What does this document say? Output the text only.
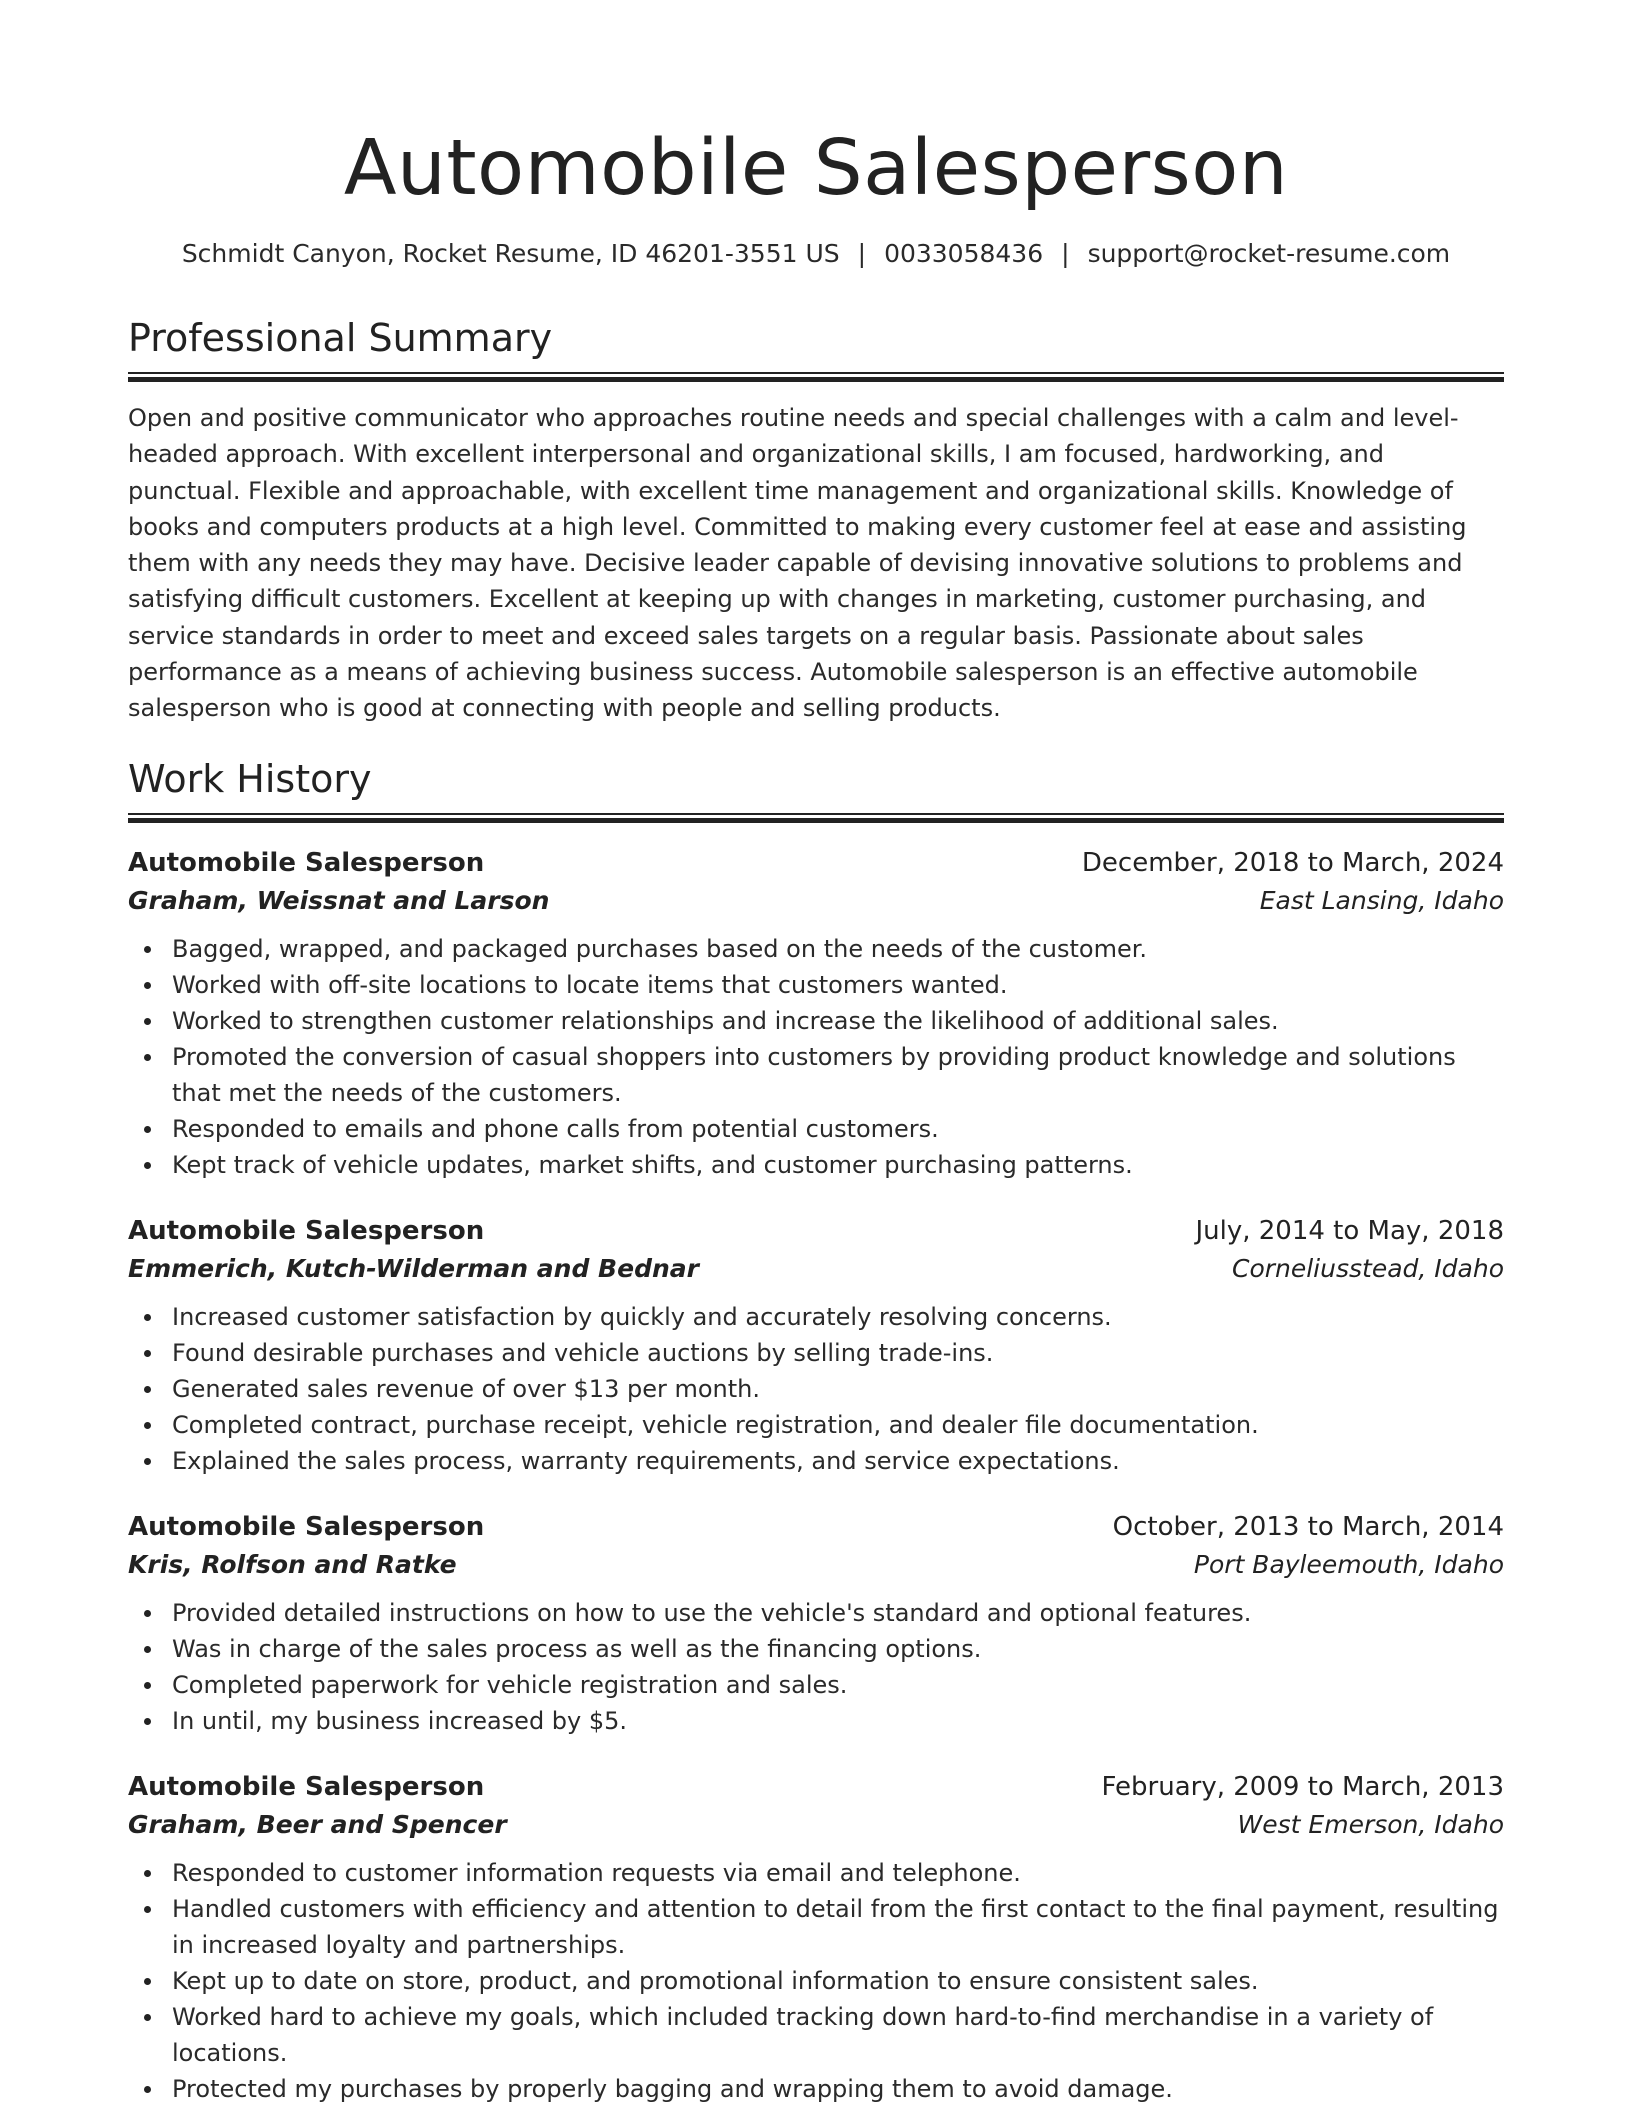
Automobile Salesperson
Schmidt Canyon, Rocket Resume, ID 46201-3551 US | 0033058436 | support@rocket-resume.com
Professional Summary
Open and positive communicator who approaches routine needs and special challenges with a calm and level-headed approach. With excellent interpersonal and organizational skills, I am focused, hardworking, and punctual. Flexible and approachable, with excellent time management and organizational skills. Knowledge of books and computers products at a high level. Committed to making every customer feel at ease and assisting them with any needs they may have. Decisive leader capable of devising innovative solutions to problems and satisfying difficult customers. Excellent at keeping up with changes in marketing, customer purchasing, and service standards in order to meet and exceed sales targets on a regular basis. Passionate about sales performance as a means of achieving business success. Automobile salesperson is an effective automobile salesperson who is good at connecting with people and selling products.
Work History
Automobile Salesperson	December, 2018 to March, 2024
Graham, Weissnat and Larson	East Lansing, Idaho
Bagged, wrapped, and packaged purchases based on the needs of the customer.
Worked with off-site locations to locate items that customers wanted.
Worked to strengthen customer relationships and increase the likelihood of additional sales.
Promoted the conversion of casual shoppers into customers by providing product knowledge and solutions that met the needs of the customers.
Responded to emails and phone calls from potential customers.
Kept track of vehicle updates, market shifts, and customer purchasing patterns.
Automobile Salesperson	July, 2014 to May, 2018
Emmerich, Kutch-Wilderman and Bednar	Corneliusstead, Idaho
Increased customer satisfaction by quickly and accurately resolving concerns.
Found desirable purchases and vehicle auctions by selling trade-ins.
Generated sales revenue of over $13 per month.
Completed contract, purchase receipt, vehicle registration, and dealer file documentation.
Explained the sales process, warranty requirements, and service expectations.
Automobile Salesperson	October, 2013 to March, 2014
Kris, Rolfson and Ratke	Port Bayleemouth, Idaho
Provided detailed instructions on how to use the vehicle's standard and optional features.
Was in charge of the sales process as well as the financing options.
Completed paperwork for vehicle registration and sales.
In until, my business increased by $5.
Automobile Salesperson	February, 2009 to March, 2013
Graham, Beer and Spencer	West Emerson, Idaho
Responded to customer information requests via email and telephone.
Handled customers with efficiency and attention to detail from the first contact to the final payment, resulting in increased loyalty and partnerships.
Kept up to date on store, product, and promotional information to ensure consistent sales.
Worked hard to achieve my goals, which included tracking down hard-to-find merchandise in a variety of locations.
Protected my purchases by properly bagging and wrapping them to avoid damage.
